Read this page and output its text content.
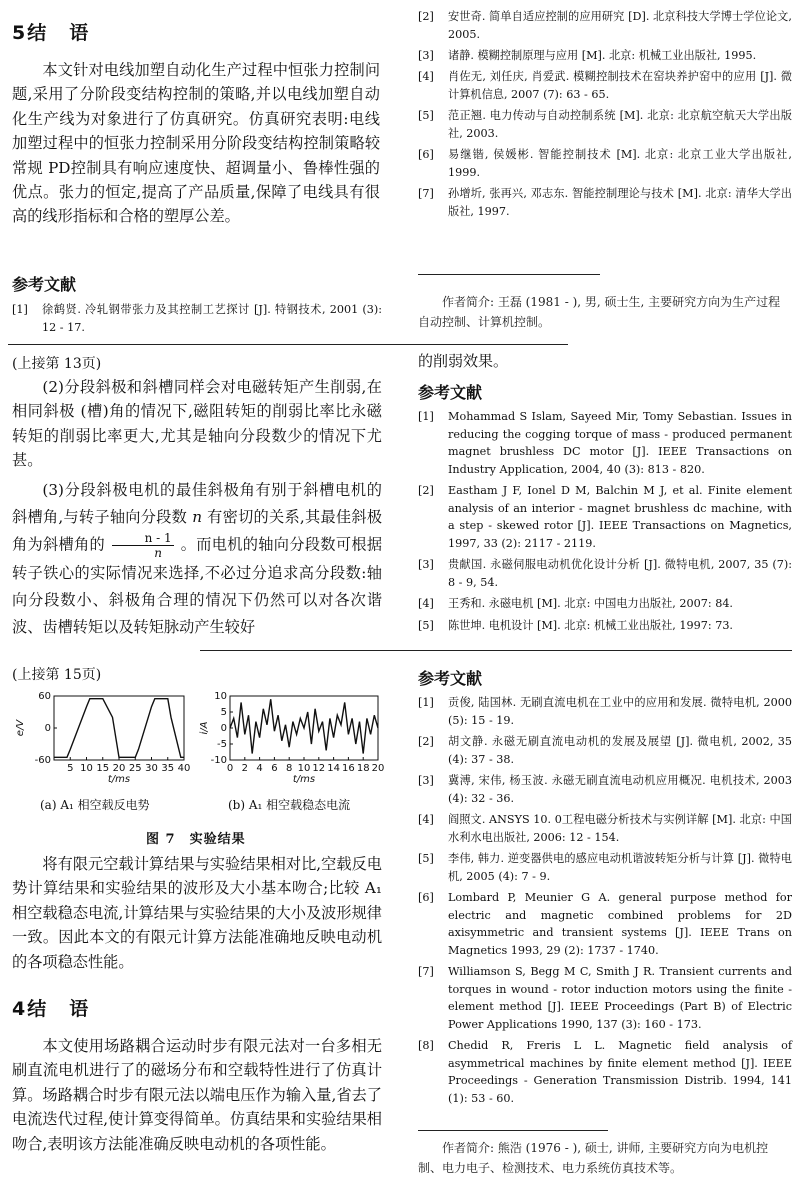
5结　语

本文针对电线加塑自动化生产过程中恒张力控制问题,采用了分阶段变结构控制的策略,并以电线加塑自动化生产线为对象进行了仿真研究。仿真研究表明:电线加塑过程中的恒张力控制采用分阶段变结构控制策略较常规 PD控制具有响应速度快、超调量小、鲁棒性强的优点。张力的恒定,提高了产品质量,保障了电线具有很高的线形指标和合格的塑厚公差。

参考文献
[1]	徐鹤贤. 冷轧钢带张力及其控制工艺探讨 [J]. 特钢技术, 2001 (3): 12 - 17.
[2]	安世奇. 简单自适应控制的应用研究 [D]. 北京科技大学博士学位论文, 2005.
[3]	诸静. 模糊控制原理与应用 [M]. 北京: 机械工业出版社, 1995.
[4]	肖佐无, 刘任庆, 肖爱武. 模糊控制技术在窑块养护窑中的应用 [J]. 微计算机信息, 2007 (7): 63 - 65.
[5]	范正翘. 电力传动与自动控制系统 [M]. 北京: 北京航空航天大学出版社, 2003.
[6]	易继锴, 侯媛彬. 智能控制技术 [M]. 北京: 北京工业大学出版社, 1999.
[7]	孙增圻, 张再兴, 邓志东. 智能控制理论与技术 [M]. 北京: 清华大学出版社, 1997.
作者简介: 王磊 (1981 - ), 男, 硕士生, 主要研究方向为生产过程自动控制、计算机控制。
(上接第 13页)

(2)分段斜极和斜槽同样会对电磁转矩产生削弱,在相同斜极 (槽)角的情况下,磁阻转矩的削弱比率比永磁转矩的削弱比率更大,尤其是轴向分段数少的情况下尤甚。

(3)分段斜极电机的最佳斜极角有别于斜槽电机的斜槽角,与转子轴向分段数 n 有密切的关系,其最佳斜极角为斜槽角的 $\frac{n - 1}{n}$ 。而电机的轴向分段数可根据转子铁心的实际情况来选择,不必过分追求高分段数:轴向分段数小、斜极角合理的情况下仍然可以对各次谐波、齿槽转矩以及转矩脉动产生较好

的削弱效果。
参考文献
[1]	Mohammad S Islam, Sayeed Mir, Tomy Sebastian. Issues in reducing the cogging torque of mass - produced permanent magnet brushless DC motor [J]. IEEE Transactions on Industry Application, 2004, 40 (3): 813 - 820.
[2]	Eastham J F, Ionel D M, Balchin M J, et al. Finite element analysis of an interior - magnet brushless dc machine, with a step - skewed rotor [J]. IEEE Transactions on Magnetics, 1997, 33 (2): 2117 - 2119.
[3]	贵献国. 永磁伺服电动机优化设计分析 [J]. 微特电机, 2007, 35 (7): 8 - 9, 54.
[4]	王秀和. 永磁电机 [M]. 北京: 中国电力出版社, 2007: 84.
[5]	陈世坤. 电机设计 [M]. 北京: 机械工业出版社, 1997: 73.
(上接第 15页)
5 10 15 20 25 30 35 40
60
0
-60
t/ms
e/V
0 2 4 6 8 10 12 14 16 18 20
10
5
0
-5
-10
t/ms
i/A
(a) A₁ 相空载反电势	(b) A₁ 相空载稳态电流
图 7　实验结果

将有限元空载计算结果与实验结果相对比,空载反电势计算结果和实验结果的波形及大小基本吻合;比较 A₁ 相空载稳态电流,计算结果与实验结果的大小及波形规律一致。因此本文的有限元计算方法能准确地反映电动机的各项稳态性能。

4结　语

本文使用场路耦合运动时步有限元法对一台多相无刷直流电机进行了的磁场分布和空载特性进行了仿真计算。场路耦合时步有限元法以端电压作为输入量,省去了电流迭代过程,使计算变得简单。仿真结果和实验结果相吻合,表明该方法能准确反映电动机的各项性能。

参考文献
[1]	贡俊, 陆国林. 无刷直流电机在工业中的应用和发展. 微特电机, 2000 (5): 15 - 19.
[2]	胡文静. 永磁无刷直流电动机的发展及展望 [J]. 微电机, 2002, 35 (4): 37 - 38.
[3]	冀溥, 宋伟, 杨玉波. 永磁无刷直流电动机应用概况. 电机技术, 2003 (4): 32 - 36.
[4]	阎照文. ANSYS 10. 0工程电磁分析技术与实例详解 [M]. 北京: 中国水利水电出版社, 2006: 12 - 154.
[5]	李伟, 韩力. 逆变器供电的感应电动机谐波转矩分析与计算 [J]. 微特电机, 2005 (4): 7 - 9.
[6]	Lombard P, Meunier G A. general purpose method for electric and magnetic combined problems for 2D axisymmetric and transient systems [J]. IEEE Trans on Magnetics 1993, 29 (2): 1737 - 1740.
[7]	Williamson S, Begg M C, Smith J R. Transient currents and torques in wound - rotor induction motors using the finite - element method [J]. IEEE Proceedings (Part B) of Electric Power Applications 1990, 137 (3): 160 - 173.
[8]	Chedid R, Freris L L. Magnetic field analysis of asymmetrical machines by finite element method [J]. IEEE Proceedings - Generation Transmission Distrib. 1994, 141 (1): 53 - 60.
作者简介: 熊浩 (1976 - ), 硕士, 讲师, 主要研究方向为电机控制、电力电子、检测技术、电力系统仿真技术等。
